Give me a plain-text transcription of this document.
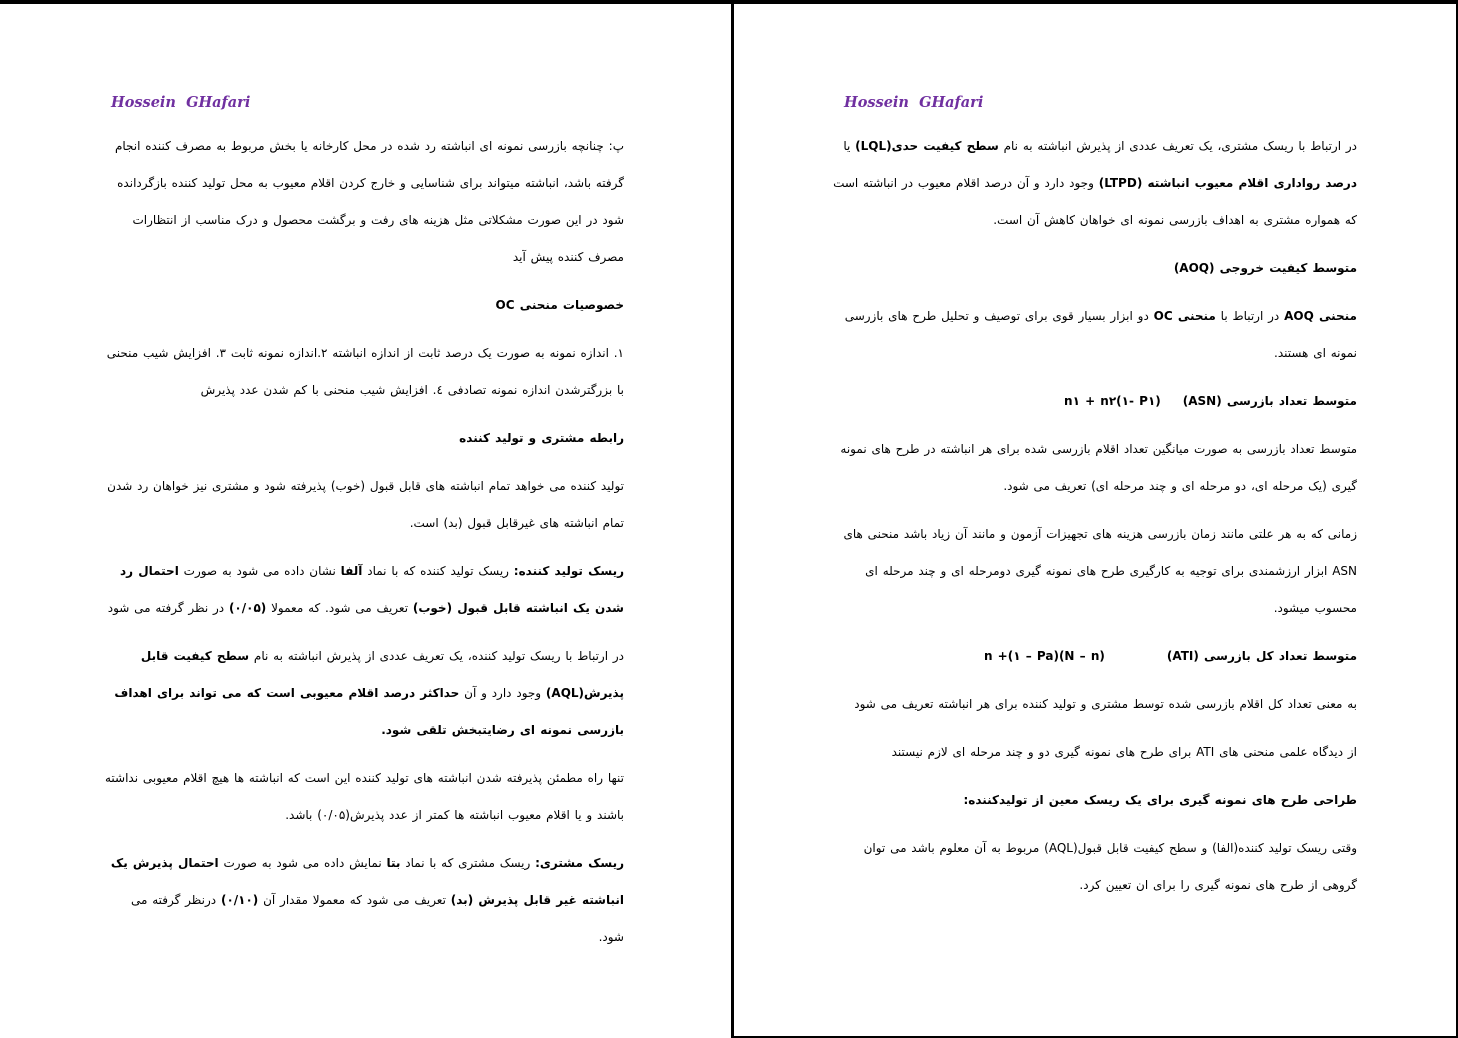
Hossein  GHafari

پ: چنانچه بازرسی نمونه ای انباشته رد شده در محل کارخانه یا بخش مربوط به مصرف کننده انجام گرفته باشد، انباشته میتواند برای شناسایی و خارج کردن اقلام معیوب به محل تولید کننده بازگردانده شود در این صورت مشکلاتی مثل هزینه های رفت و برگشت محصول و درک مناسب از انتظارات مصرف کننده پیش آید

خصوصیات منحنی OC

۱. اندازه نمونه به صورت یک درصد ثابت از اندازه انباشته ۲.اندازه نمونه ثابت ۳. افزایش شیب منحنی با بزرگترشدن اندازه نمونه تصادفی ٤. افزایش شیب منحنی با کم شدن عدد پذیرش

رابطه مشتری و تولید کننده

تولید کننده می خواهد تمام انباشته های قابل قبول (خوب) پذیرفته شود و مشتری نیز خواهان رد شدن تمام انباشته های غیرقابل قبول (بد) است.

ریسک تولید کننده: ریسک تولید کننده که با نماد آلفا نشان داده می شود به صورت احتمال رد شدن یک انباشته قابل قبول (خوب) تعریف می شود. که معمولا (۰/۰۵) در نظر گرفته می شود

در ارتباط با ریسک تولید کننده، یک تعریف عددی از پذیرش انباشته به نام سطح کیفیت قابل پذیرش(AQL) وجود دارد و آن حداکثر درصد اقلام معیوبی است که می تواند برای اهداف بازرسی نمونه ای رضایتبخش تلقی شود.

تنها راه مطمئن پذیرفته شدن انباشته های تولید کننده این است که انباشته ها هیچ اقلام معیوبی نداشته باشند و یا اقلام معیوب انباشته ها کمتر از عدد پذیرش(۰/۰۵) باشد.

ریسک مشتری: ریسک مشتری که با نماد بتا نمایش داده می شود به صورت احتمال پذیرش یک انباشته غیر قابل پذیرش (بد) تعریف می شود که معمولا مقدار آن (۰/۱۰) درنظر گرفته می شود.

Hossein  GHafari

در ارتباط با ریسک مشتری، یک تعریف عددی از پذیرش انباشته به نام سطح کیفیت حدی(LQL) یا درصد رواداری اقلام معیوب انباشته (LTPD) وجود دارد و آن درصد اقلام معیوب در انباشته است که همواره مشتری به اهداف بازرسی نمونه ای خواهان کاهش آن است.

متوسط کیفیت خروجی (AOQ)

منحنی AOQ در ارتباط با منحنی OC دو ابزار بسیار قوی برای توصیف و تحلیل طرح های بازرسی نمونه ای هستند.

n۱ + n۲(۱- P۱) متوسط تعداد بازرسی (ASN)

متوسط تعداد بازرسی به صورت میانگین تعداد اقلام بازرسی شده برای هر انباشته در طرح های نمونه گیری (یک مرحله ای، دو مرحله ای و چند مرحله ای) تعریف می شود.

زمانی که به هر علتی مانند زمان بازرسی هزینه های تجهیزات آزمون و مانند آن زیاد باشد منحنی های ASN ابزار ارزشمندی برای توجیه به کارگیری طرح های نمونه گیری دومرحله ای و چند مرحله ای محسوب میشود.

n +(۱ – Pa)(N – n)	متوسط تعداد کل بازرسی (ATI)

به معنی تعداد کل اقلام بازرسی شده توسط مشتری و تولید کننده برای هر انباشته تعریف می شود

از دیدگاه علمی منحنی های ATI برای طرح های نمونه گیری دو و چند مرحله ای لازم نیستند

طراحی طرح های نمونه گیری برای یک ریسک معین از تولیدکننده:

وقتی ریسک تولید کننده(الفا) و سطح کیفیت قابل قبول(AQL) مربوط به آن معلوم باشد می توان گروهی از طرح های نمونه گیری را برای ان تعیین کرد.
